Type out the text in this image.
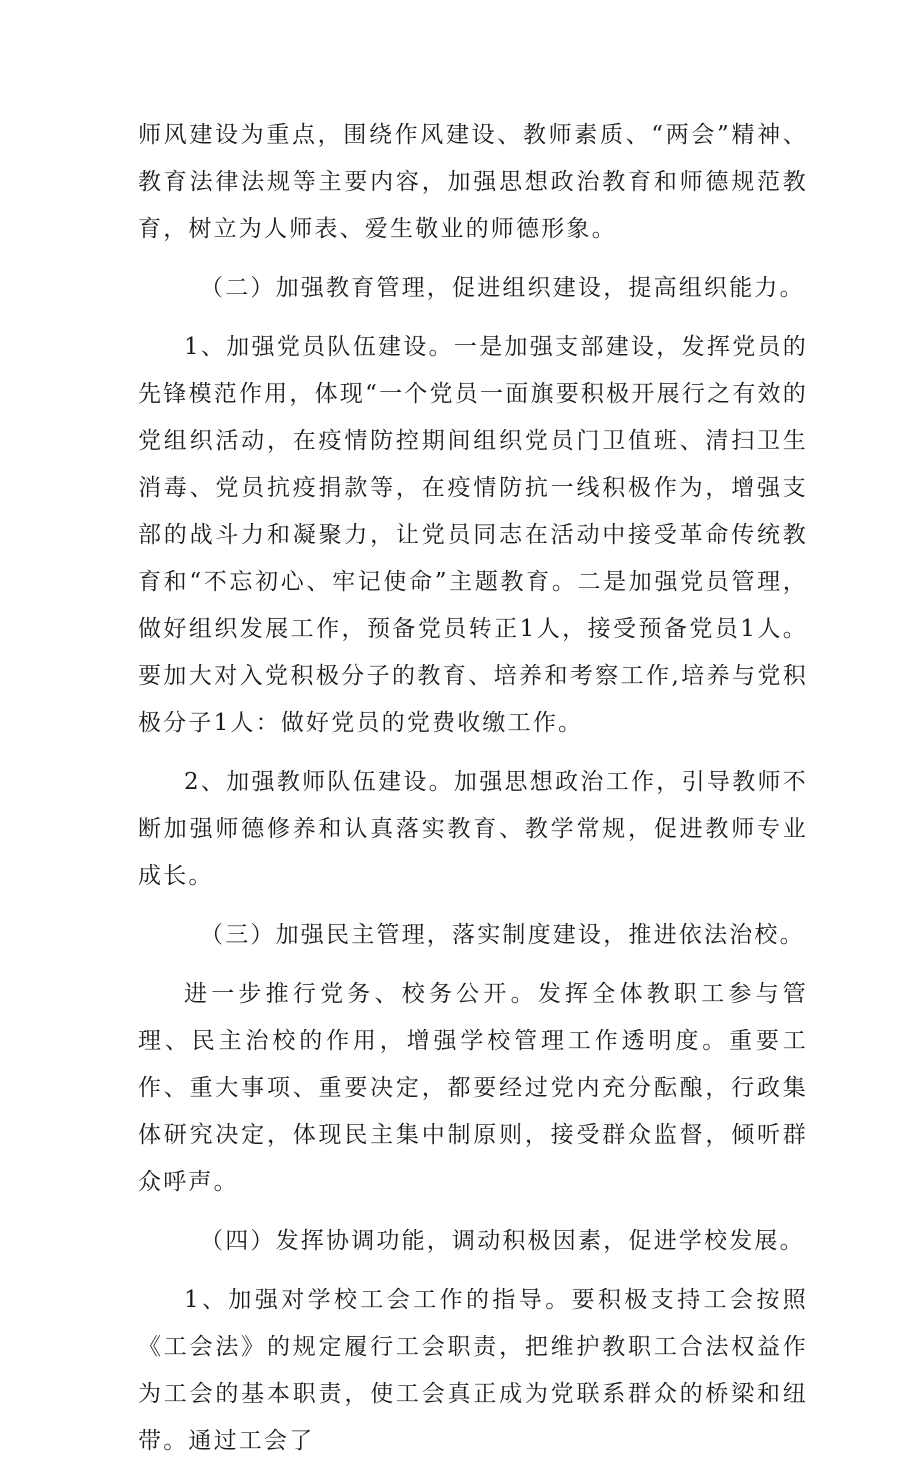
师风建设为重点，围绕作风建设、教师素质、“两会”精神、教育法律法规等主要内容，加强思想政治教育和师德规范教育，树立为人师表、爱生敬业的师德形象。

（二）加强教育管理，促进组织建设，提高组织能力。

1、加强党员队伍建设。一是加强支部建设，发挥党员的先锋模范作用，体现“一个党员一面旗要积极开展行之有效的党组织活动，在疫情防控期间组织党员门卫值班、清扫卫生消毒、党员抗疫捐款等，在疫情防抗一线积极作为，增强支部的战斗力和凝聚力，让党员同志在活动中接受革命传统教育和“不忘初心、牢记使命”主题教育。二是加强党员管理，做好组织发展工作，预备党员转正1人，接受预备党员1人。要加大对入党积极分子的教育、培养和考察工作,培养与党积极分子1人：做好党员的党费收缴工作。

2、加强教师队伍建设。加强思想政治工作，引导教师不断加强师德修养和认真落实教育、教学常规，促进教师专业成长。

（三）加强民主管理，落实制度建设，推进依法治校。

进一步推行党务、校务公开。发挥全体教职工参与管理、民主治校的作用，增强学校管理工作透明度。重要工作、重大事项、重要决定，都要经过党内充分酝酿，行政集体研究决定，体现民主集中制原则，接受群众监督，倾听群众呼声。

（四）发挥协调功能，调动积极因素，促进学校发展。

1、加强对学校工会工作的指导。要积极支持工会按照《工会法》的规定履行工会职责，把维护教职工合法权益作为工会的基本职责，使工会真正成为党联系群众的桥梁和纽带。通过工会了
